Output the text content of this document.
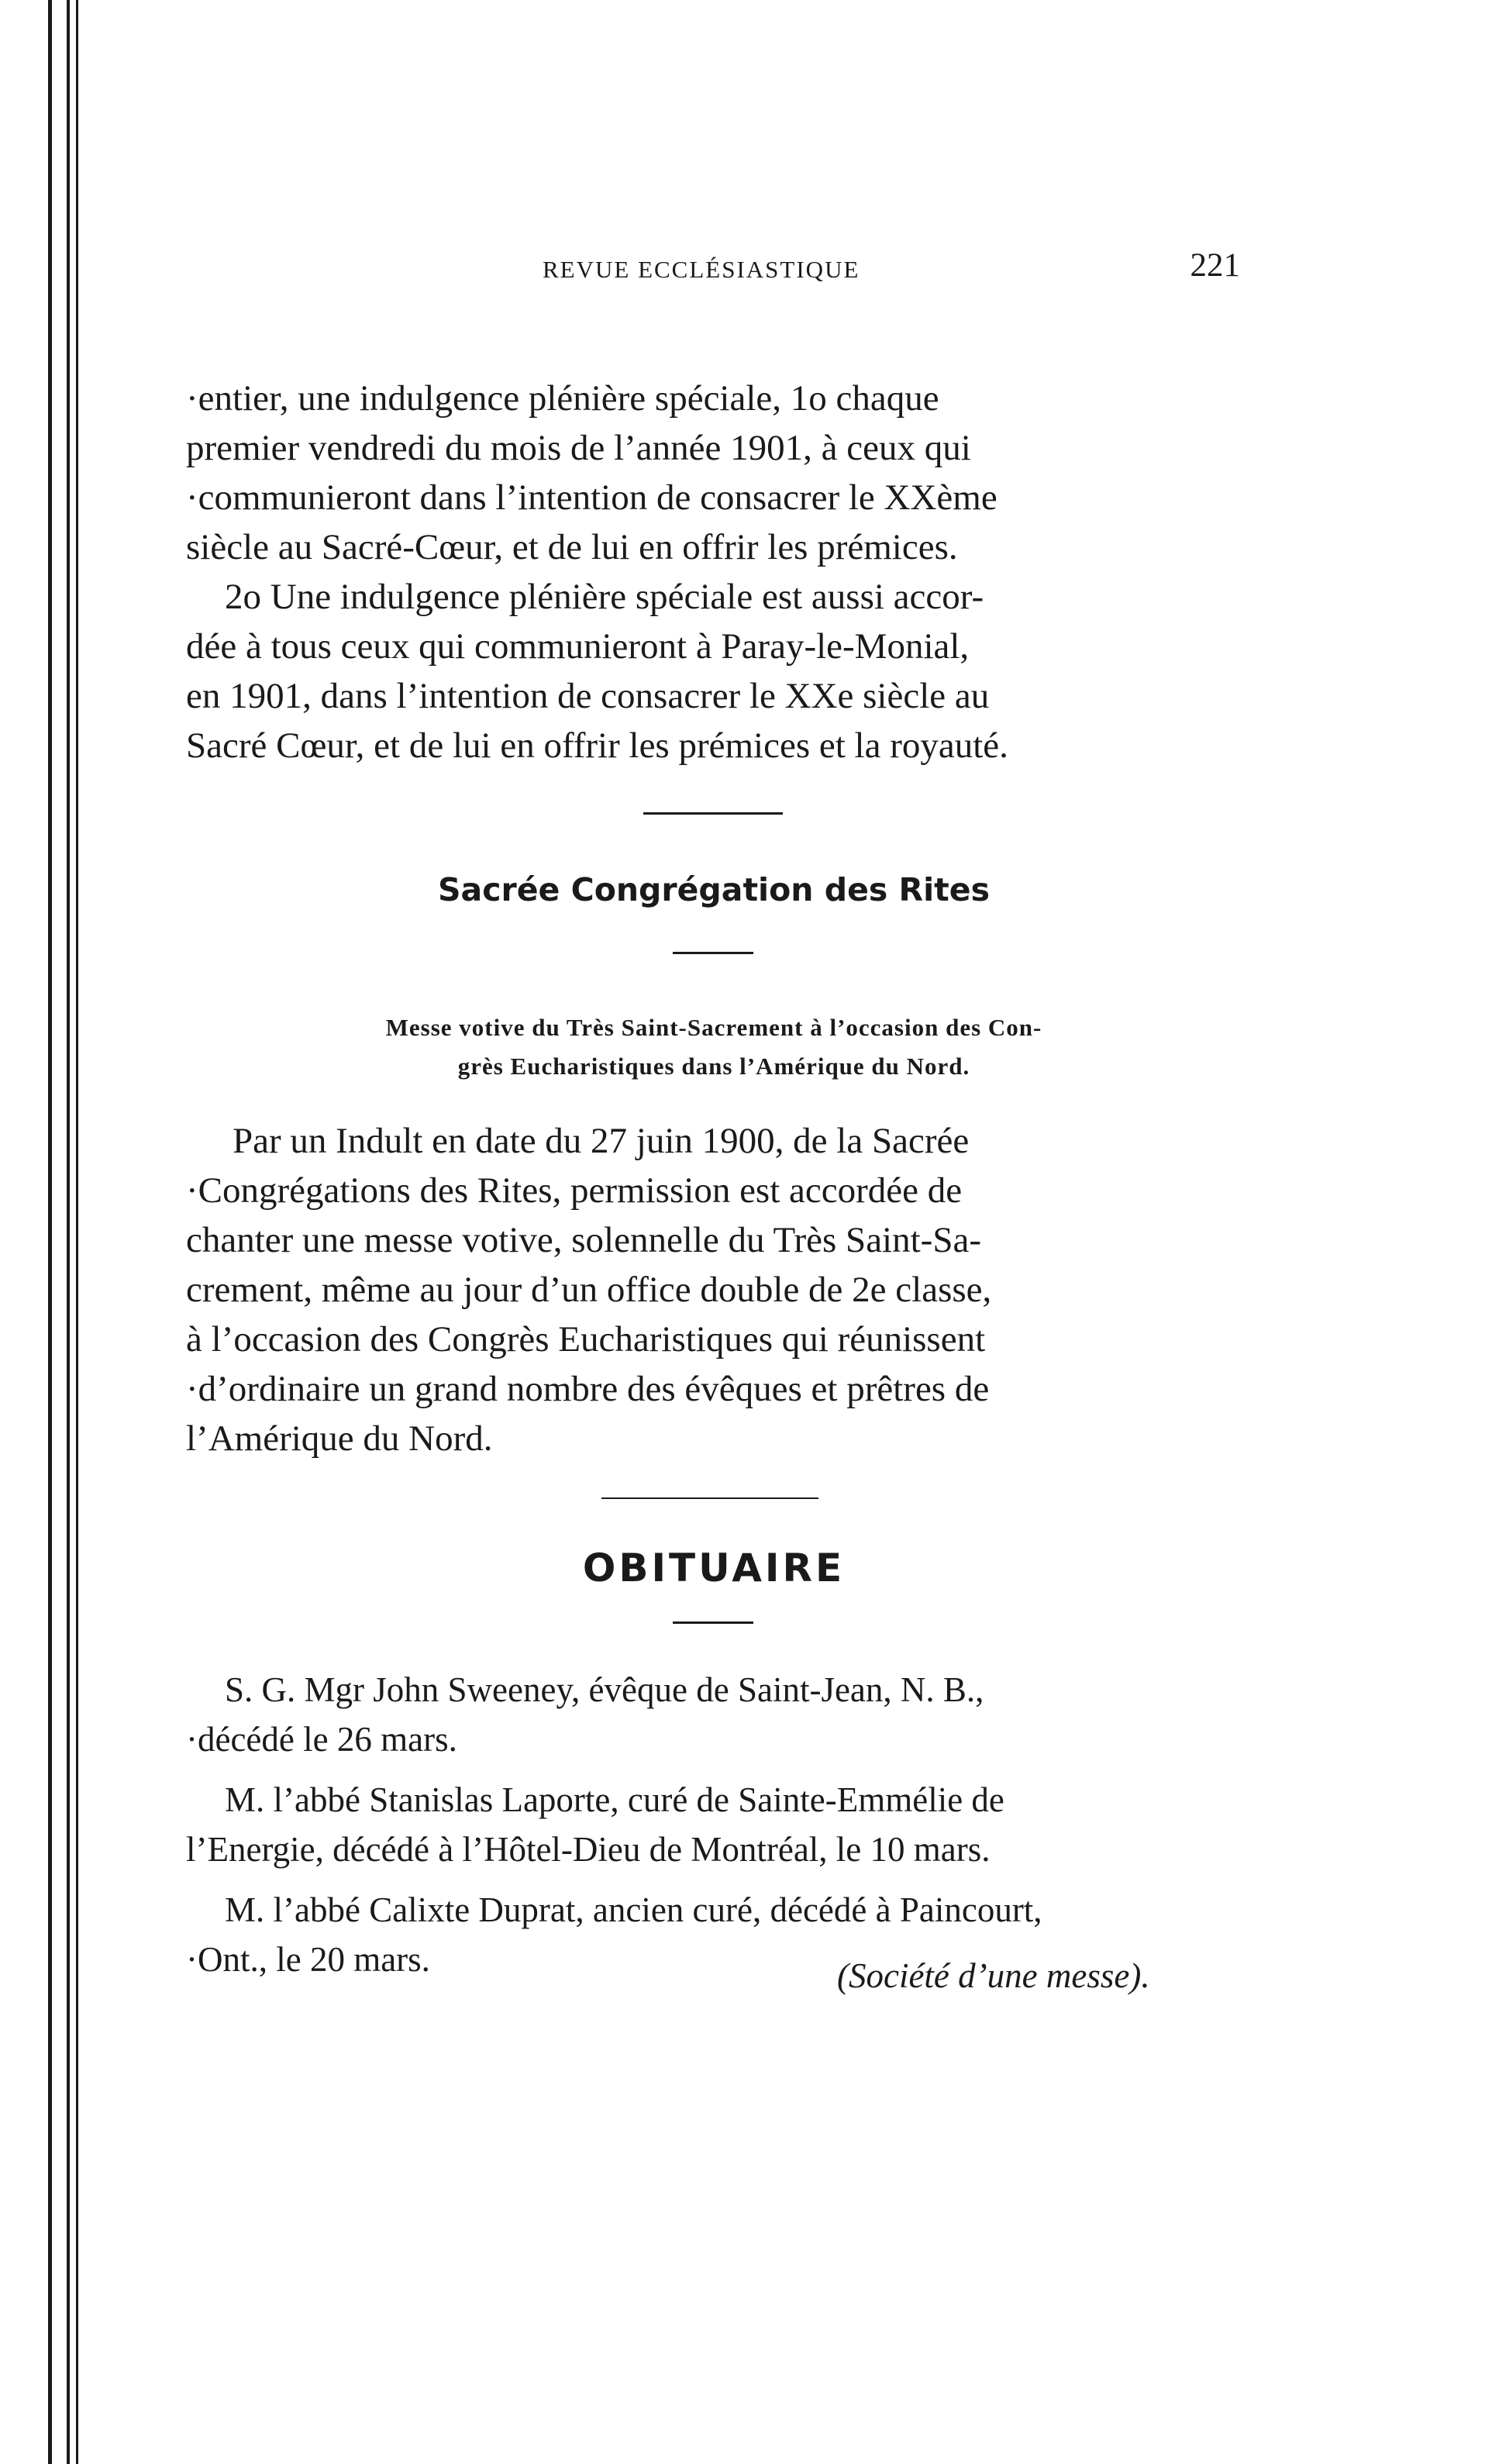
REVUE ECCLÉSIASTIQUE	221

·entier, une indulgence plénière spéciale, 1o chaque

premier vendredi du mois de l’année 1901, à ceux qui

·communieront dans l’intention de consacrer le XXème

siècle au Sacré-Cœur, et de lui en offrir les prémices.

2o Une indulgence plénière spéciale est aussi accor-

dée à tous ceux qui communieront à Paray-le-Monial,

en 1901, dans l’intention de consacrer le XXe siècle au

Sacré Cœur, et de lui en offrir les prémices et la royauté.

Sacrée Congrégation des Rites

Messe votive du Très Saint-Sacrement à l’occasion des Con-

grès Eucharistiques dans l’Amérique du Nord.

Par un Indult en date du 27 juin 1900, de la Sacrée

·Congrégations des Rites, permission est accordée de

chanter une messe votive, solennelle du Très Saint-Sa-

crement, même au jour d’un office double de 2e classe,

à l’occasion des Congrès Eucharistiques qui réunissent

·d’ordinaire un grand nombre des évêques et prêtres de

l’Amérique du Nord.

OBITUAIRE

S. G. Mgr John Sweeney, évêque de Saint-Jean, N. B.,

·décédé le 26 mars.

M. l’abbé Stanislas Laporte, curé de Sainte-Emmélie de

l’Energie, décédé à l’Hôtel-Dieu de Montréal, le 10 mars.

M. l’abbé Calixte Duprat, ancien curé, décédé à Paincourt,

·Ont., le 20 mars.	(Société d’une messe).
